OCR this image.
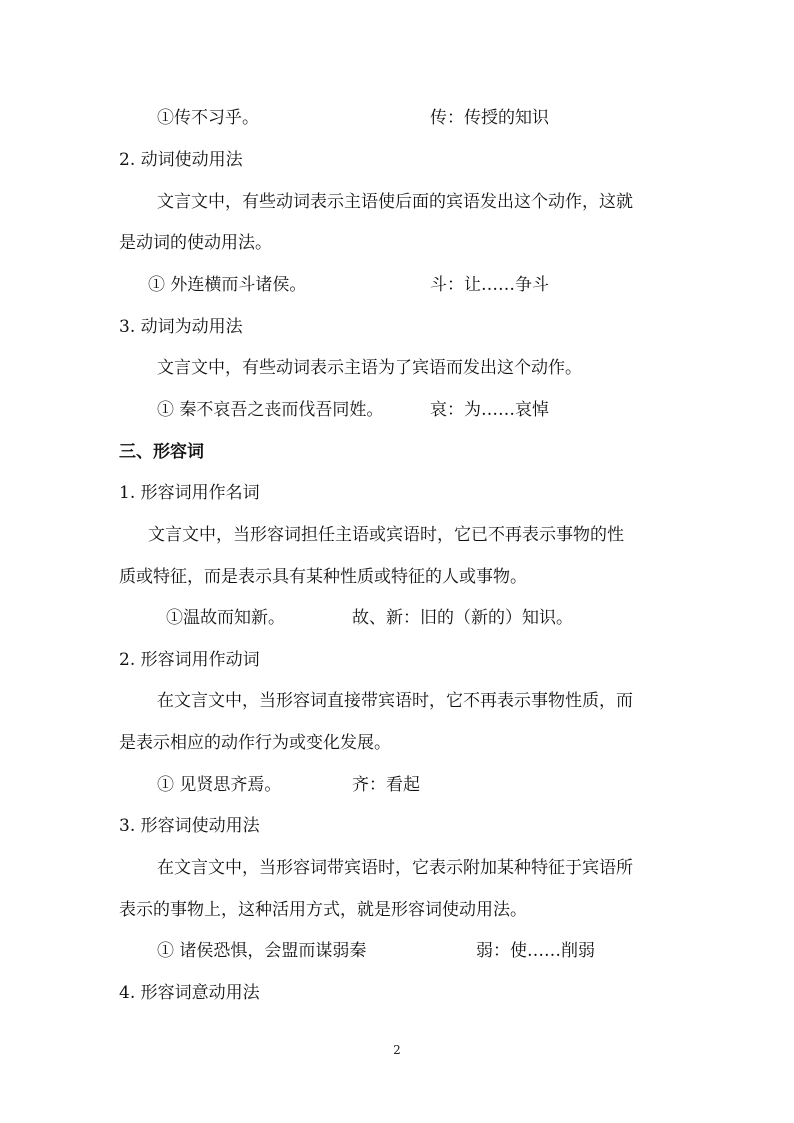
①传不习乎。	传：传授的知识
2. 动词使动用法
文言文中，有些动词表示主语使后面的宾语发出这个动作，这就
是动词的使动用法。
① 外连横而斗诸侯。	斗：让……争斗
3. 动词为动用法
文言文中，有些动词表示主语为了宾语而发出这个动作。
① 秦不哀吾之丧而伐吾同姓。	哀：为……哀悼
三、形容词
1. 形容词用作名词
文言文中，当形容词担任主语或宾语时，它已不再表示事物的性
质或特征，而是表示具有某种性质或特征的人或事物。
①温故而知新。	故、新：旧的（新的）知识。
2. 形容词用作动词
在文言文中，当形容词直接带宾语时，它不再表示事物性质，而
是表示相应的动作行为或变化发展。
① 见贤思齐焉。	齐：看起
3. 形容词使动用法
在文言文中，当形容词带宾语时，它表示附加某种特征于宾语所
表示的事物上，这种活用方式，就是形容词使动用法。
① 诸侯恐惧，会盟而谋弱秦	弱：使……削弱
4. 形容词意动用法
2
